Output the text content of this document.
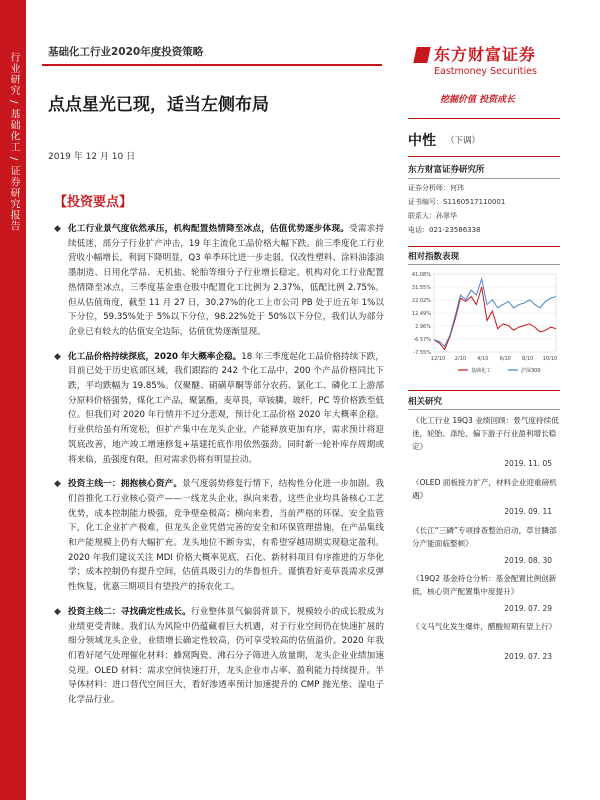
行业研究 / 基础化工 / 证券研究报告	基础化工行业2020年度投资策略
点点星光已现，适当左侧布局
2019 年 12 月 10 日
【投资要点】
◆ 化工行业景气度依然承压，机构配置热情降至冰点，估值优势逐步体现。受需求持续低迷，部分子行业扩产冲击，19 年主流化工品价格大幅下跌。前三季度化工行业营收小幅增长，利润下降明显，Q3 单季环比进一步走弱，仅改性塑料、涂料油漆油墨制造、日用化学品、无机盐、轮胎等细分子行业增长稳定。机构对化工行业配置热情降至冰点，三季度基金重仓股中配置化工比例为 2.37%，低配比例 2.75%。但从估值角度，截至 11 月 27 日，30.27%的化工上市公司 PB 处于近五年 1%以下分位，59.35%处于 5%以下分位，98.22%处于 50%以下分位，我们认为部分企业已有较大的估值安全边际，估值优势逐渐显现。
◆ 化工品价格持续探底，2020 年大概率企稳。18 年三季度起化工品价格持续下跌，目前已处于历史底部区域，我们跟踪的 242 个化工品中，200 个产品价格同比下跌，平均跌幅为 19.85%。仅聚醚、硝磺草酮等部分农药、氯化工、磷化工上游部分原料价格强势，煤化工产品，聚氯酯，麦草畏，草铵膦，玻纤，PC 等价格跌至低位。但我们对 2020 年行情并不过分悲观，预计化工品价格 2020 年大概率企稳。行业供给虽有所宽松，但扩产集中在龙头企业，产能释放更加有序，需求预计将迎筑底改善，地产竣工增速修复+基建托底作用依然强劲。同时新一轮补库存周期或将来临，虽强度有限，但对需求仍将有明显拉动。
◆ 投资主线一：拥抱核心资产。景气度弱势修复行情下，结构性分化进一步加剧。我们首推化工行业核心资产——一线龙头企业，纵向来看，这些企业均具备核心工艺优势，成本控制能力极强，竞争壁垒极高；横向来看，当前严格的环保、安全监管下，化工企业扩产极难，但龙头企业凭借完善的安全和环保管理措施，在产品集线和产能规模上仍有大幅扩充。龙头地位不断夯实，有希望穿越周期实现稳定盈利。2020 年我们建议关注 MDI 价格大概率见底，石化、新材料项目有序推进的万华化学；成本控制仍有提升空间，估值具吸引力的华鲁恒升。谨慎看好麦草畏需求反弹性恢复，优嘉三期项目有望投产的扬农化工。
◆ 投资主线二：寻找确定性成长。行业整体景气偏弱背景下，规模较小的成长股成为业绩更受青睐。我们认为风险中仍蕴藏着巨大机遇，对于行业空间仍在快速扩展的细分领域龙头企业，业绩增长确定性较高，仍可享受较高的估值溢价。2020 年我们看好尾气处理催化材料：蜂窝陶瓷、沸石分子筛进入放量期，龙头企业业绩加速兑现。OLED 材料：需求空间快速打开，龙头企业市占率、盈利能力持续提升。半导体材料：进口替代空间巨大，看好渗透率预计加速提升的 CMP 抛光垫、湿电子化学品行业。
东方财富证券
Eastmoney Securities
挖掘价值 投资成长
中性 （下调）
东方财富证券研究所
证券分析师：何玮
证书编号：S1160517110001
联系人：孙翠华
电话：021-23586338
相对指数表现
41.08%
31.55%
22.02%
12.49%
2.96%
-6.57%
-7.55%
12/10 2/10 4/10 6/10 8/10 10/10
基础化工	沪深300
相关研究
《化工行业 19Q3 业绩回顾：景气度持续低迷，轮胎、涤纶、偏下游子行业盈利增长稳定》
2019. 11. 05
《OLED 面板接力扩产，材料企业迎重磅机遇》
2019. 09. 11
《长江“三磷”专项排查整治启动，草甘膦部分产能面临整顿》
2019. 08. 30
《19Q2 基金持仓分析：基金配置比例创新低，核心资产配置集中度提升》
2019. 07. 29
《义马气化发生爆炸，醋酸短期有望上行》
2019. 07. 23
